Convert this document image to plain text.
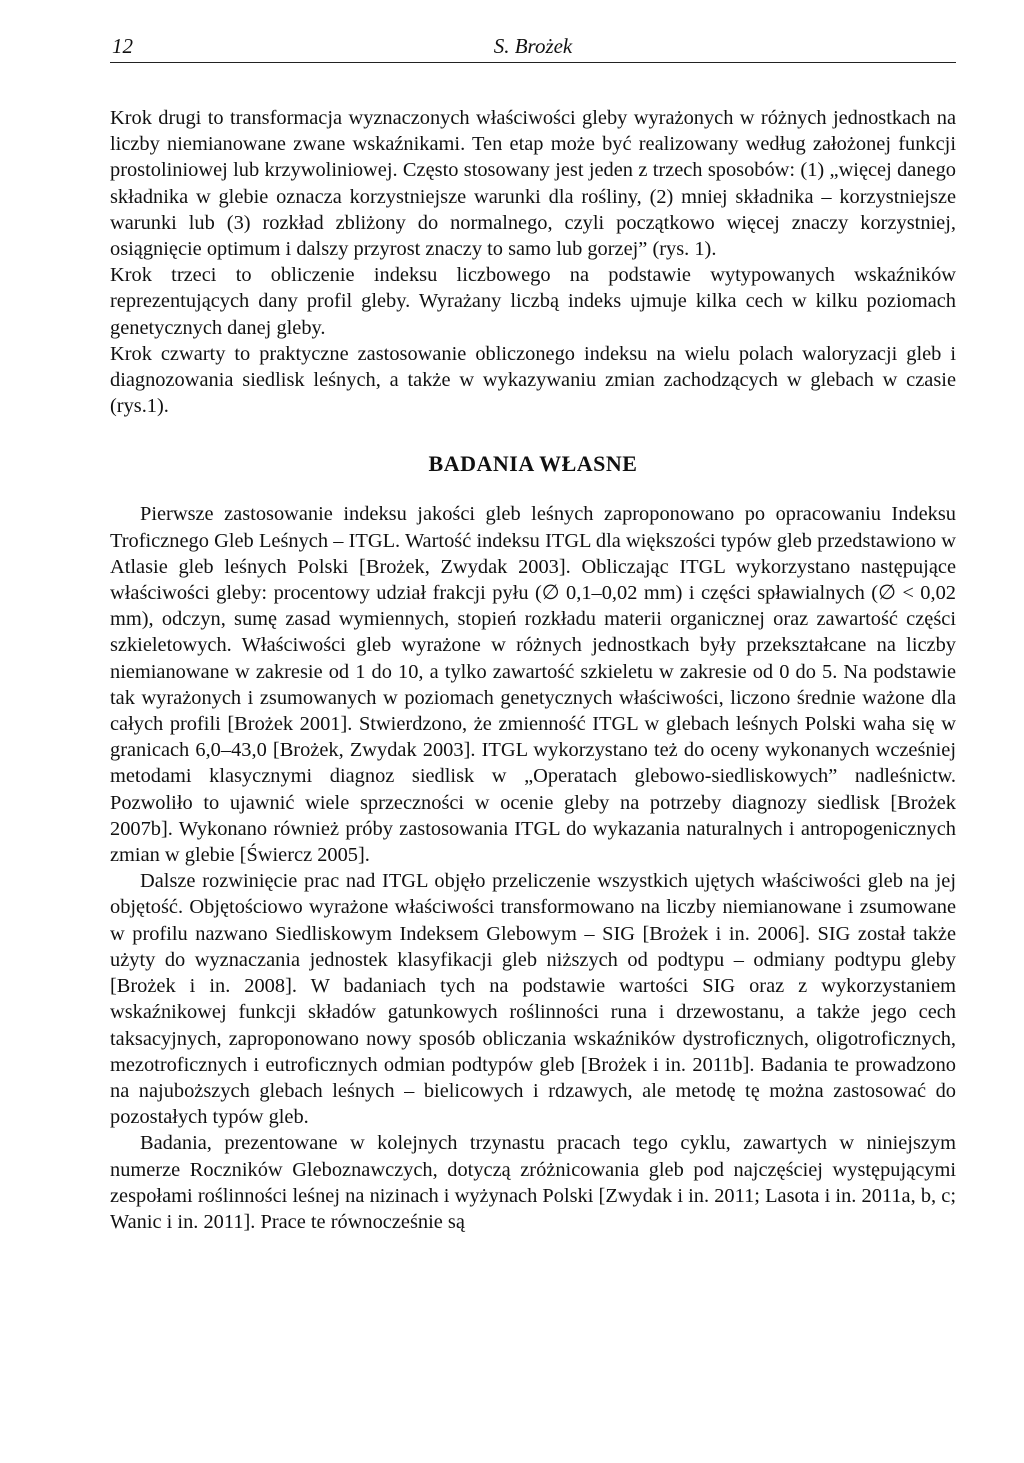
12	S. Brożek

Krok drugi to transformacja wyznaczonych właściwości gleby wyrażonych w różnych jednostkach na liczby niemianowane zwane wskaźnikami. Ten etap może być realizowany według założonej funkcji prostoliniowej lub krzywoliniowej. Często stosowany jest jeden z trzech sposobów: (1) „więcej danego składnika w glebie oznacza korzystniejsze warunki dla rośliny, (2) mniej składnika – korzystniejsze warunki lub (3) rozkład zbliżony do normalnego, czyli początkowo więcej znaczy korzystniej, osiągnięcie optimum i dalszy przyrost znaczy to samo lub gorzej” (rys. 1).

Krok trzeci to obliczenie indeksu liczbowego na podstawie wytypowanych wskaźników reprezentujących dany profil gleby. Wyrażany liczbą indeks ujmuje kilka cech w kilku poziomach genetycznych danej gleby.

Krok czwarty to praktyczne zastosowanie obliczonego indeksu na wielu polach waloryzacji gleb i diagnozowania siedlisk leśnych, a także w wykazywaniu zmian zachodzących w glebach w czasie (rys.1).

BADANIA WŁASNE

Pierwsze zastosowanie indeksu jakości gleb leśnych zaproponowano po opracowaniu Indeksu Troficznego Gleb Leśnych – ITGL. Wartość indeksu ITGL dla większości typów gleb przedstawiono w Atlasie gleb leśnych Polski [Brożek, Zwydak 2003]. Obliczając ITGL wykorzystano następujące właściwości gleby: procentowy udział frakcji pyłu (∅ 0,1–0,02 mm) i części spławialnych (∅ < 0,02 mm), odczyn, sumę zasad wymiennych, stopień rozkładu materii organicznej oraz zawartość części szkieletowych. Właściwości gleb wyrażone w różnych jednostkach były przekształcane na liczby niemianowane w zakresie od 1 do 10, a tylko zawartość szkieletu w zakresie od 0 do 5. Na podstawie tak wyrażonych i zsumowanych w poziomach genetycznych właściwości, liczono średnie ważone dla całych profili [Brożek 2001]. Stwierdzono, że zmienność ITGL w glebach leśnych Polski waha się w granicach 6,0–43,0 [Brożek, Zwydak 2003]. ITGL wykorzystano też do oceny wykonanych wcześniej metodami klasycznymi diagnoz siedlisk w „Operatach glebowo-siedliskowych” nadleśnictw. Pozwoliło to ujawnić wiele sprzeczności w ocenie gleby na potrzeby diagnozy siedlisk [Brożek 2007b]. Wykonano również próby zastosowania ITGL do wykazania naturalnych i antropogenicznych zmian w glebie [Świercz 2005].

Dalsze rozwinięcie prac nad ITGL objęło przeliczenie wszystkich ujętych właściwości gleb na jej objętość. Objętościowo wyrażone właściwości transformowano na liczby niemianowane i zsumowane w profilu nazwano Siedliskowym Indeksem Glebowym – SIG [Brożek i in. 2006]. SIG został także użyty do wyznaczania jednostek klasyfikacji gleb niższych od podtypu – odmiany podtypu gleby [Brożek i in. 2008]. W badaniach tych na podstawie wartości SIG oraz z wykorzystaniem wskaźnikowej funkcji składów gatunkowych roślinności runa i drzewostanu, a także jego cech taksacyjnych, zaproponowano nowy sposób obliczania wskaźników dystroficznych, oligotroficznych, mezotroficznych i eutroficznych odmian podtypów gleb [Brożek i in. 2011b]. Badania te prowadzono na najuboższych glebach leśnych – bielicowych i rdzawych, ale metodę tę można zastosować do pozostałych typów gleb.

Badania, prezentowane w kolejnych trzynastu pracach tego cyklu, zawartych w niniejszym numerze Roczników Gleboznawczych, dotyczą zróżnicowania gleb pod najczęściej występującymi zespołami roślinności leśnej na nizinach i wyżynach Polski [Zwydak i in. 2011; Lasota i in. 2011a, b, c; Wanic i in. 2011]. Prace te równocześnie są
